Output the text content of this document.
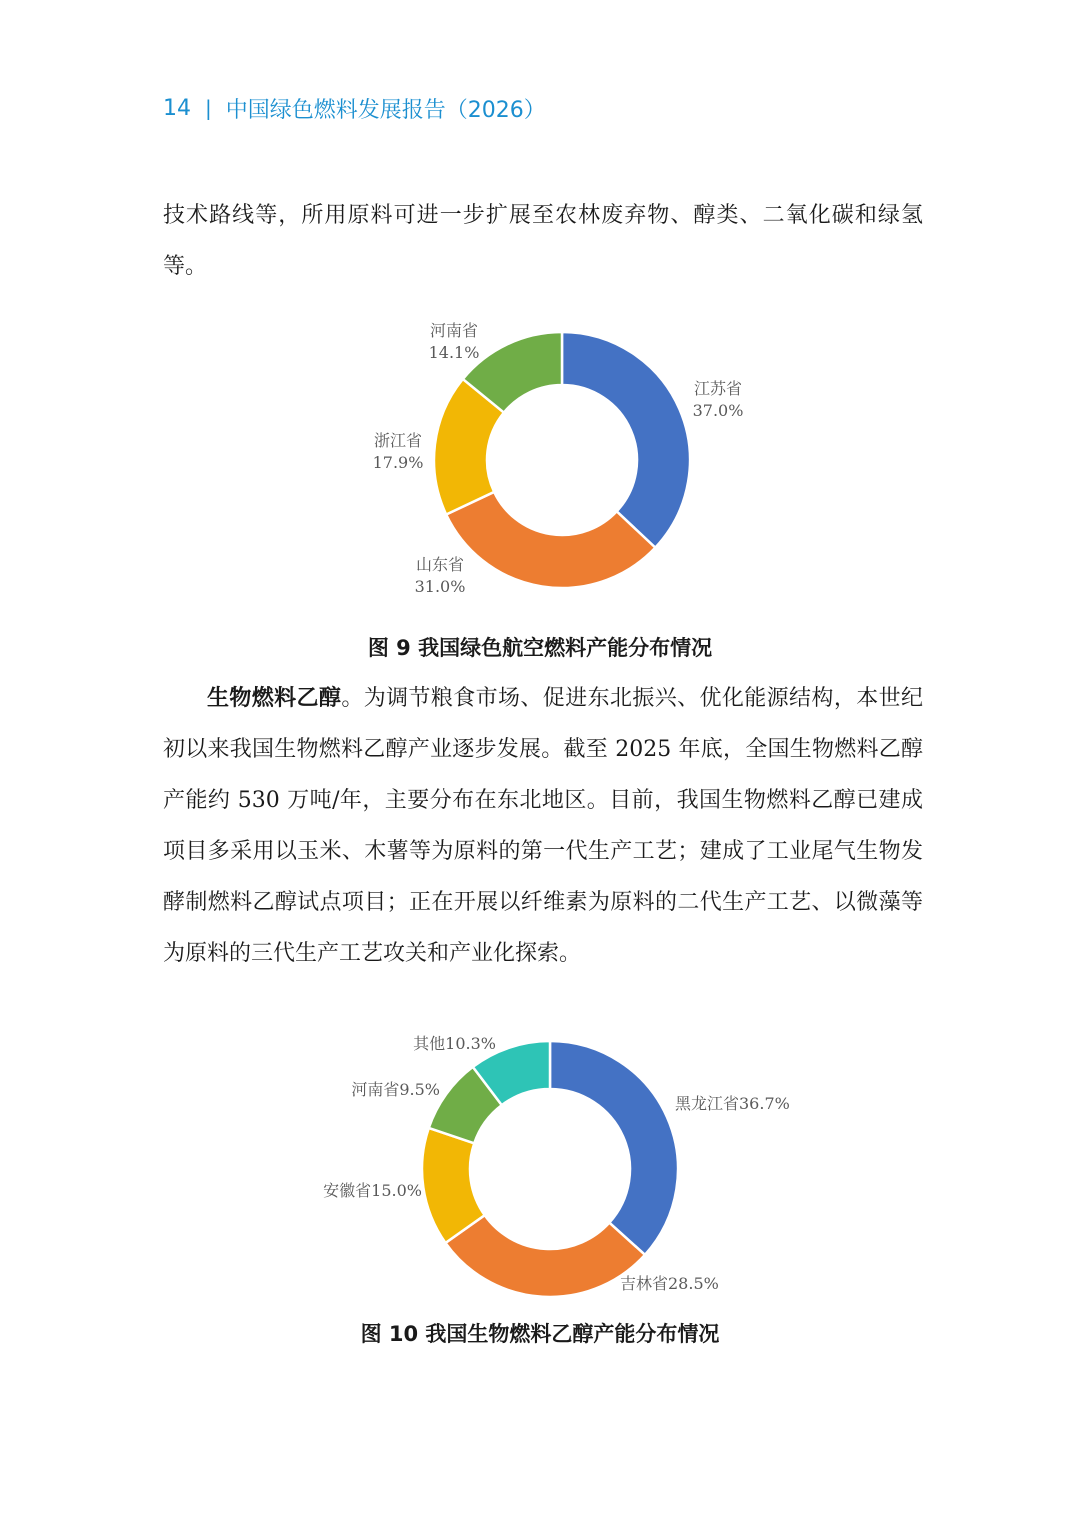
14 | 中国绿色燃料发展报告（2026）

技术路线等，所用原料可进一步扩展至农林废弃物、醇类、二氧化碳和绿氢等。

江苏省 37.0%
山东省 31.0%
浙江省 17.9%
河南省 14.1%

图 9 我国绿色航空燃料产能分布情况

生物燃料乙醇。为调节粮食市场、促进东北振兴、优化能源结构，本世纪初以来我国生物燃料乙醇产业逐步发展。截至 2025 年底，全国生物燃料乙醇产能约 530 万吨/年，主要分布在东北地区。目前，我国生物燃料乙醇已建成项目多采用以玉米、木薯等为原料的第一代生产工艺；建成了工业尾气生物发酵制燃料乙醇试点项目；正在开展以纤维素为原料的二代生产工艺、以微藻等为原料的三代生产工艺攻关和产业化探索。

黑龙江省36.7%
吉林省28.5%
安徽省15.0%
河南省9.5%
其他10.3%

图 10 我国生物燃料乙醇产能分布情况
